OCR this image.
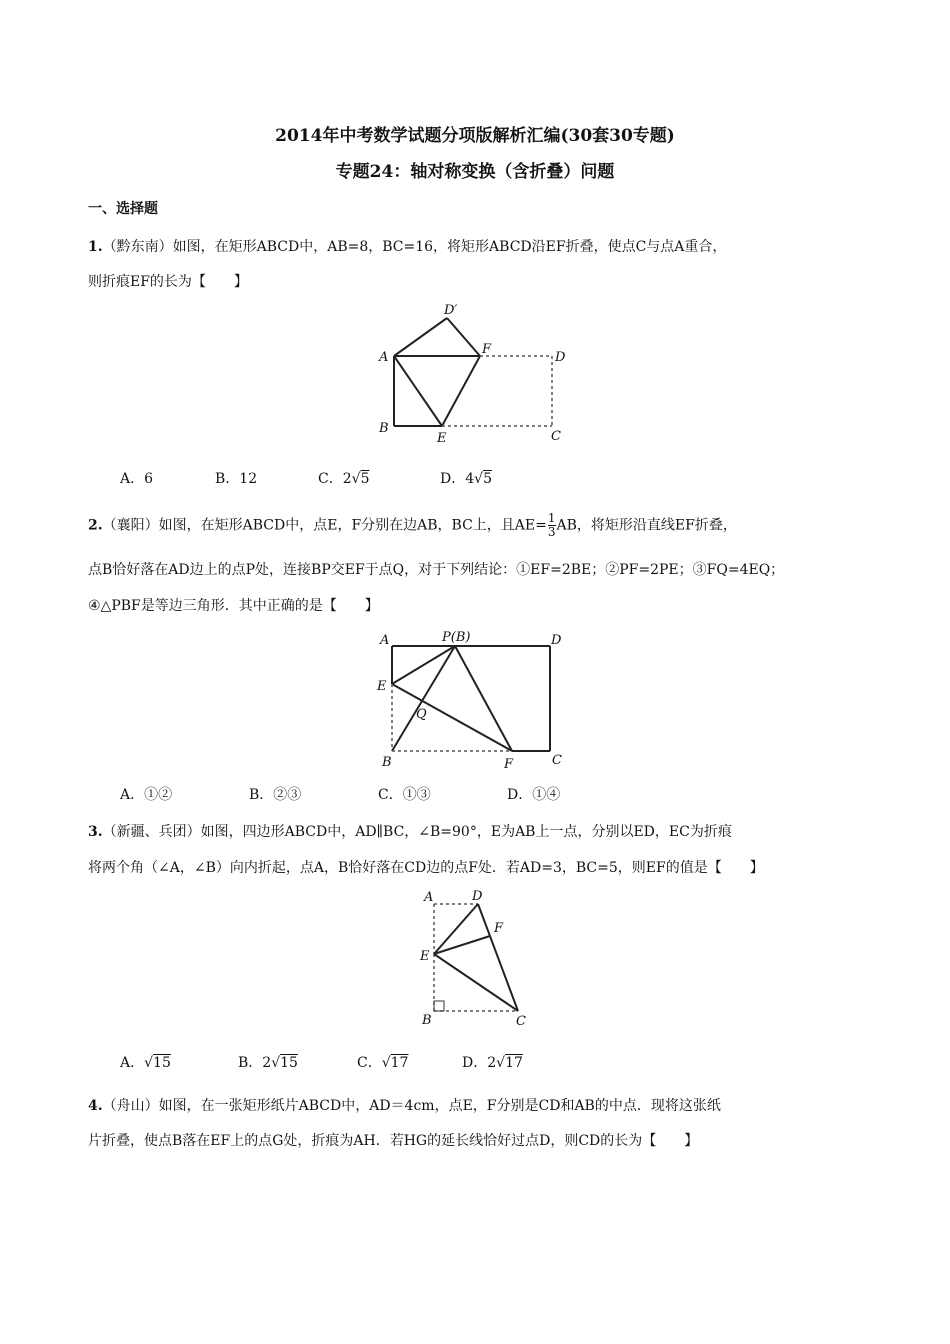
2014年中考数学试题分项版解析汇编(30套30专题)
专题24：轴对称变换（含折叠）问题
一、选择题
1.（黔东南）如图，在矩形ABCD中，AB=8，BC=16，将矩形ABCD沿EF折叠，使点C与点A重合，
则折痕EF的长为【　　】
D′
A
F
D
B
E	C
A．6	B．12	C．2√5	D．4√5
2.（襄阳）如图，在矩形ABCD中，点E，F分别在边AB，BC上，且$AE= \frac{1}{3}$ AB，将矩形沿直线EF折叠，
点B恰好落在AD边上的点P处，连接BP交EF于点Q，对于下列结论：①EF=2BE；②PF=2PE；③FQ=4EQ；
④△PBF是等边三角形．其中正确的是【　　】
A	P(B)	D
E
Q
B	F	C
A．①②	B．②③	C．①③	D．①④
3.（新疆、兵团）如图，四边形ABCD中，AD∥BC，∠B=90°，E为AB上一点，分别以ED，EC为折痕
将两个角（∠A，∠B）向内折起，点A，B恰好落在CD边的点F处．若AD=3，BC=5，则EF的值是【　　】
A	D
F
E
B	C
A．√15	B．2√15	C．√17	D．2√17
4.（舟山）如图，在一张矩形纸片ABCD中，AD＝4cm，点E，F分别是CD和AB的中点．现将这张纸
片折叠，使点B落在EF上的点G处，折痕为AH．若HG的延长线恰好过点D，则CD的长为【　　】
